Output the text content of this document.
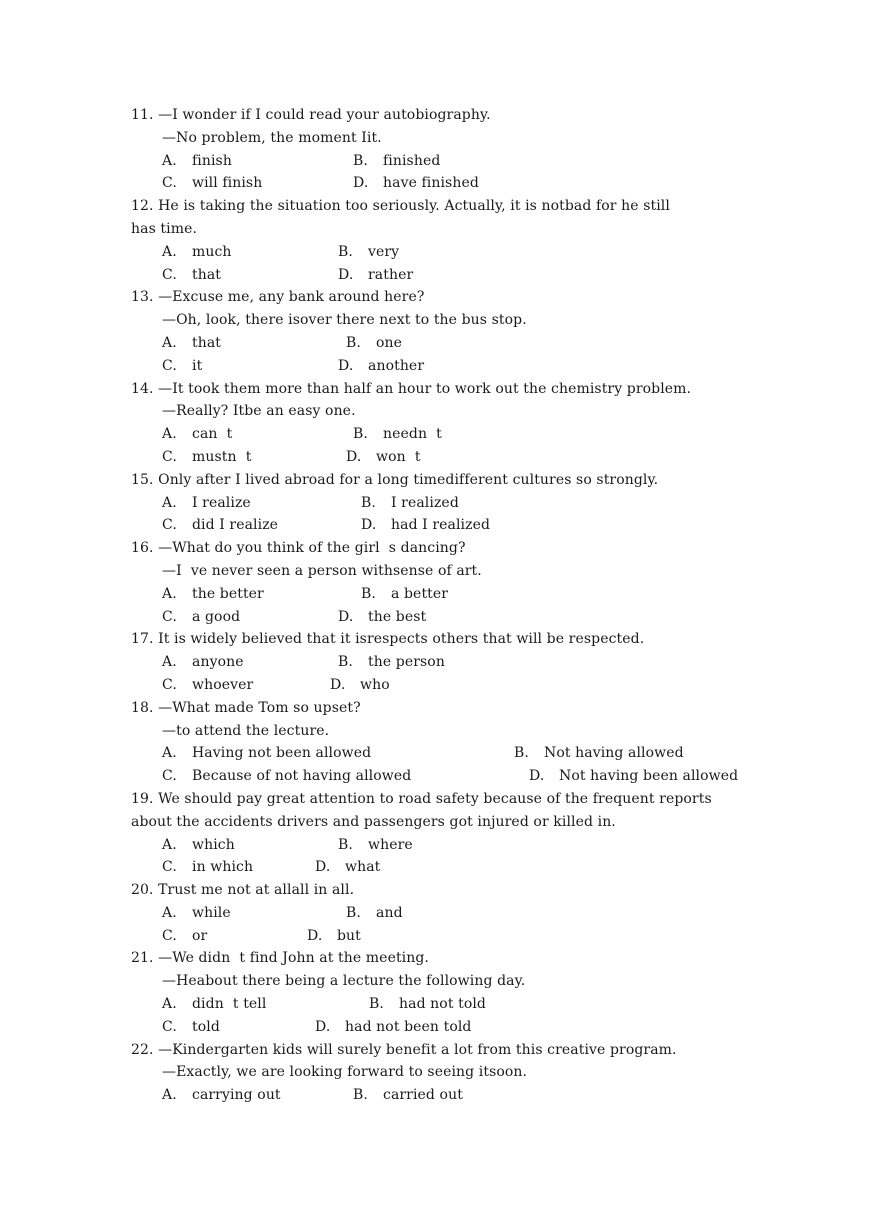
11. —I wonder if I could read your autobiography.
—No problem, the moment Iit.
A. finish	B. finished
C. will finish	D. have finished
12. He is taking the situation too seriously. Actually, it is notbad for he still
has time.
A. much	B. very
C. that	D. rather
13. —Excuse me, any bank around here?
—Oh, look, there isover there next to the bus stop.
A. that	B. one
C. it	D. another
14. —It took them more than half an hour to work out the chemistry problem.
—Really? Itbe an easy one.
A. can  t	B. needn  t
C. mustn  t	D. won  t
15. Only after I lived abroad for a long timedifferent cultures so strongly.
A. I realize	B. I realized
C. did I realize	D. had I realized
16. —What do you think of the girl  s dancing?
—I  ve never seen a person withsense of art.
A. the better	B. a better
C. a good	D. the best
17. It is widely believed that it isrespects others that will be respected.
A. anyone	B. the person
C. whoever	D. who
18. —What made Tom so upset?
—to attend the lecture.
A. Having not been allowed	B. Not having allowed
C. Because of not having allowed	D. Not having been allowed
19. We should pay great attention to road safety because of the frequent reports
about the accidents drivers and passengers got injured or killed in.
A. which	B. where
C. in which	D. what
20. Trust me not at allall in all.
A. while	B. and
C. or	D. but
21. —We didn  t find John at the meeting.
—Heabout there being a lecture the following day.
A. didn  t tell	B. had not told
C. told	D. had not been told
22. —Kindergarten kids will surely benefit a lot from this creative program.
—Exactly, we are looking forward to seeing itsoon.
A. carrying out	B. carried out
